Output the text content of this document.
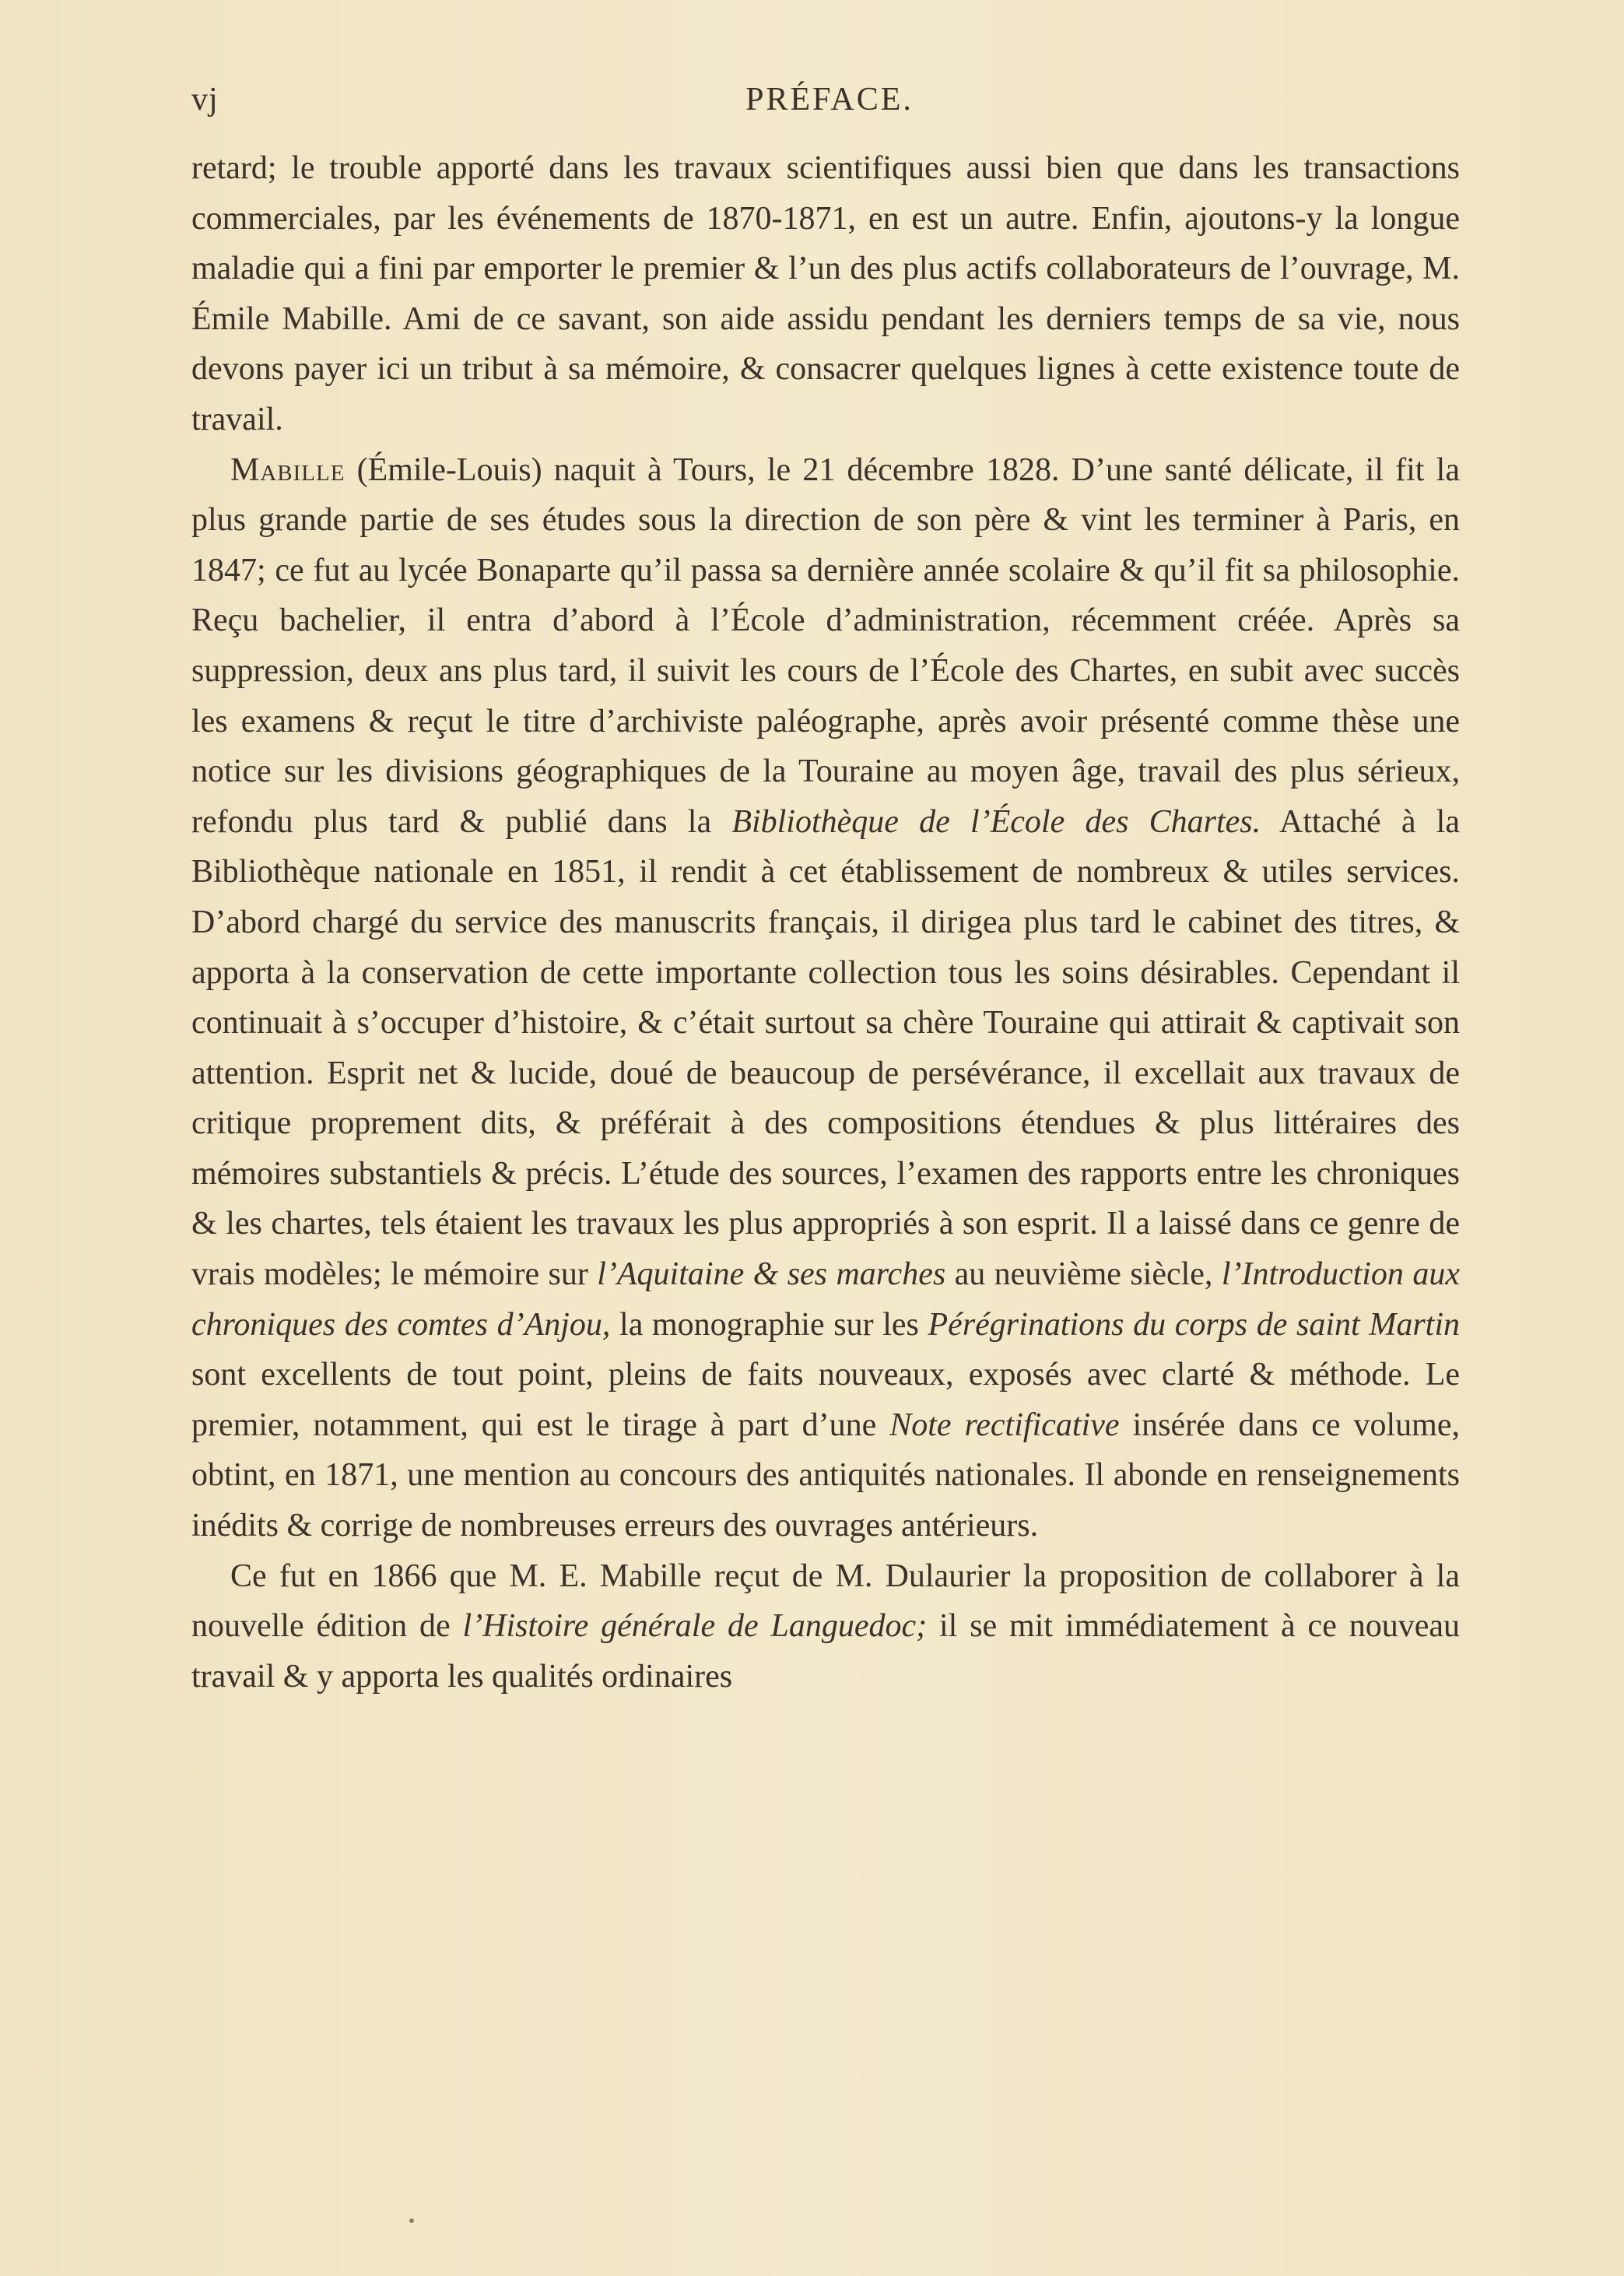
vj	PRÉFACE.

retard; le trouble apporté dans les travaux scientifiques aussi bien que dans les transactions commerciales, par les événements de 1870-1871, en est un autre. Enfin, ajoutons-y la longue maladie qui a fini par emporter le premier & l’un des plus actifs collaborateurs de l’ouvrage, M. Émile Mabille. Ami de ce savant, son aide assidu pendant les derniers temps de sa vie, nous devons payer ici un tribut à sa mémoire, & consacrer quelques lignes à cette existence toute de travail.

Mabille (Émile-Louis) naquit à Tours, le 21 décembre 1828. D’une santé délicate, il fit la plus grande partie de ses études sous la direction de son père & vint les terminer à Paris, en 1847; ce fut au lycée Bonaparte qu’il passa sa dernière année scolaire & qu’il fit sa philosophie. Reçu bachelier, il entra d’abord à l’École d’administration, récemment créée. Après sa suppression, deux ans plus tard, il suivit les cours de l’École des Chartes, en subit avec succès les examens & reçut le titre d’archiviste paléographe, après avoir présenté comme thèse une notice sur les divisions géographiques de la Touraine au moyen âge, travail des plus sérieux, refondu plus tard & publié dans la Bibliothèque de l’École des Chartes. Attaché à la Bibliothèque nationale en 1851, il rendit à cet établissement de nombreux & utiles services. D’abord chargé du service des manuscrits français, il dirigea plus tard le cabinet des titres, & apporta à la conservation de cette importante collection tous les soins désirables. Cependant il continuait à s’occuper d’histoire, & c’était surtout sa chère Touraine qui attirait & captivait son attention. Esprit net & lucide, doué de beaucoup de persévérance, il excellait aux travaux de critique proprement dits, & préférait à des compositions étendues & plus littéraires des mémoires substantiels & précis. L’étude des sources, l’examen des rapports entre les chroniques & les chartes, tels étaient les travaux les plus appropriés à son esprit. Il a laissé dans ce genre de vrais modèles; le mémoire sur l’Aquitaine & ses marches au neuvième siècle, l’Introduction aux chroniques des comtes d’Anjou, la monographie sur les Pérégrinations du corps de saint Martin sont excellents de tout point, pleins de faits nouveaux, exposés avec clarté & méthode. Le premier, notamment, qui est le tirage à part d’une Note rectificative insérée dans ce volume, obtint, en 1871, une mention au concours des antiquités nationales. Il abonde en renseignements inédits & corrige de nombreuses erreurs des ouvrages antérieurs.

Ce fut en 1866 que M. E. Mabille reçut de M. Dulaurier la proposition de collaborer à la nouvelle édition de l’Histoire générale de Languedoc; il se mit immédiatement à ce nouveau travail & y apporta les qualités ordinaires
